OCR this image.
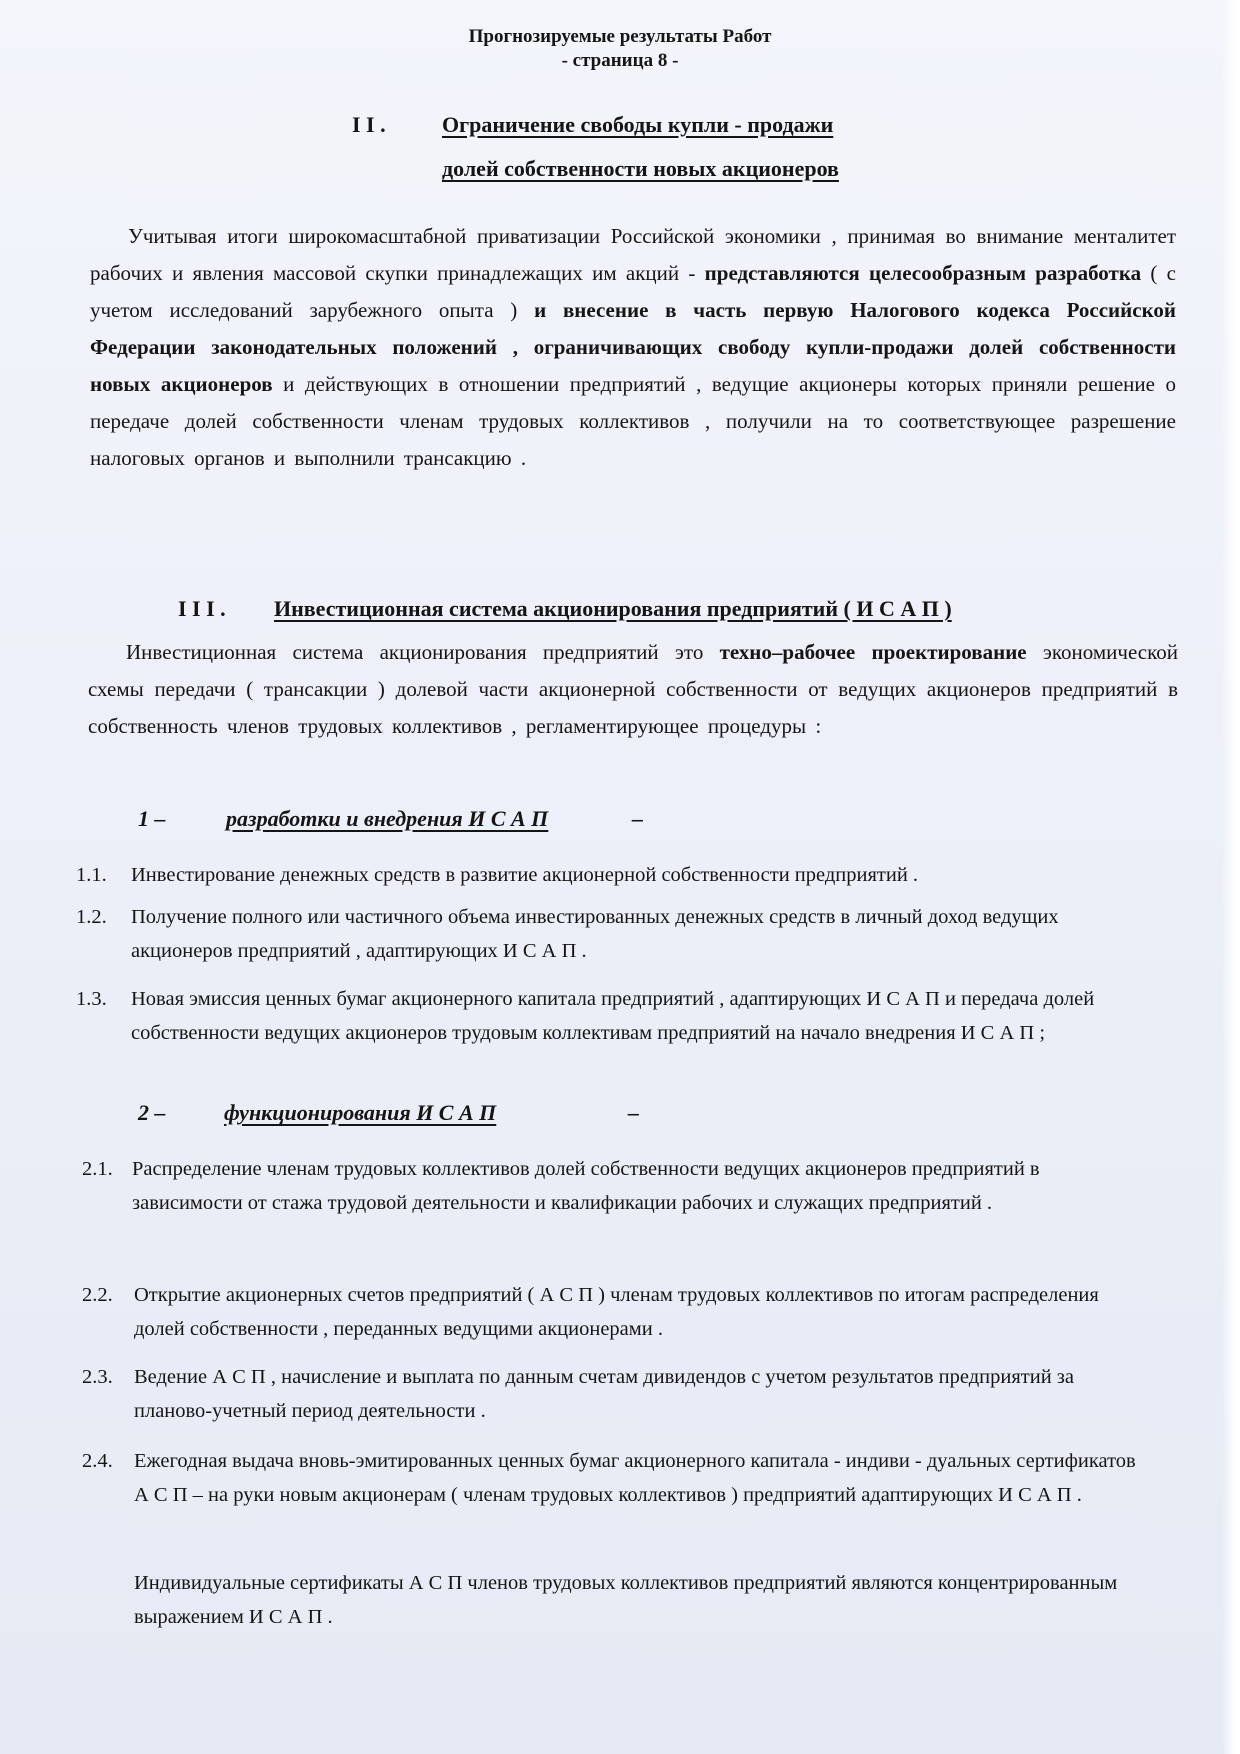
Прогнозируемые результаты Работ
- страница 8 -
I I .	Ограничение свободы купли - продажи
долей собственности новых акционеров
Учитывая итоги широкомасштабной приватизации Российской экономики , принимая во внимание менталитет рабочих и явления массовой скупки принадлежащих им акций - представляются целесообразным разработка ( с учетом исследований зарубежного опыта ) и внесение в часть первую Налогового кодекса Российской Федерации законодательных положений , ограничивающих свободу купли-продажи долей собственности новых акционеров и действующих в отношении предприятий , ведущие акционеры которых приняли решение о передаче долей собственности членам трудовых коллективов , получили на то соответствующее разрешение налоговых органов и выполнили трансакцию .
I I I . Инвестиционная система акционирования предприятий ( И С А П )
Инвестиционная система акционирования предприятий это техно–рабочее проектирование экономической схемы передачи ( трансакции ) долевой части акционерной собственности от ведущих акционеров предприятий в собственность членов трудовых коллективов , регламентирующее процедуры :
1 –	разработки и внедрения И С А П	–
1.1. Инвестирование денежных средств в развитие акционерной собственности предприятий .
1.2. Получение полного или частичного объема инвестированных денежных средств в личный доход ведущих акционеров предприятий , адаптирующих И С А П .
1.3. Новая эмиссия ценных бумаг акционерного капитала предприятий , адаптирующих И С А П и передача долей собственности ведущих акционеров трудовым коллективам предприятий на начало внедрения И С А П ;
2 –	функционирования И С А П	–
2.1. Распределение членам трудовых коллективов долей собственности ведущих акционеров предприятий в зависимости от стажа трудовой деятельности и квалификации рабочих и служащих предприятий .
2.2. Открытие акционерных счетов предприятий ( А С П ) членам трудовых коллективов по итогам распределения долей собственности , переданных ведущими акционерами .
2.3. Ведение А С П , начисление и выплата по данным счетам дивидендов с учетом результатов предприятий за планово-учетный период деятельности .
2.4. Ежегодная выдача вновь-эмитированных ценных бумаг акционерного капитала - индиви - дуальных сертификатов А С П – на руки новым акционерам ( членам трудовых коллективов ) предприятий адаптирующих И С А П .
Индивидуальные сертификаты А С П членов трудовых коллективов предприятий являются концентрированным выражением И С А П .
